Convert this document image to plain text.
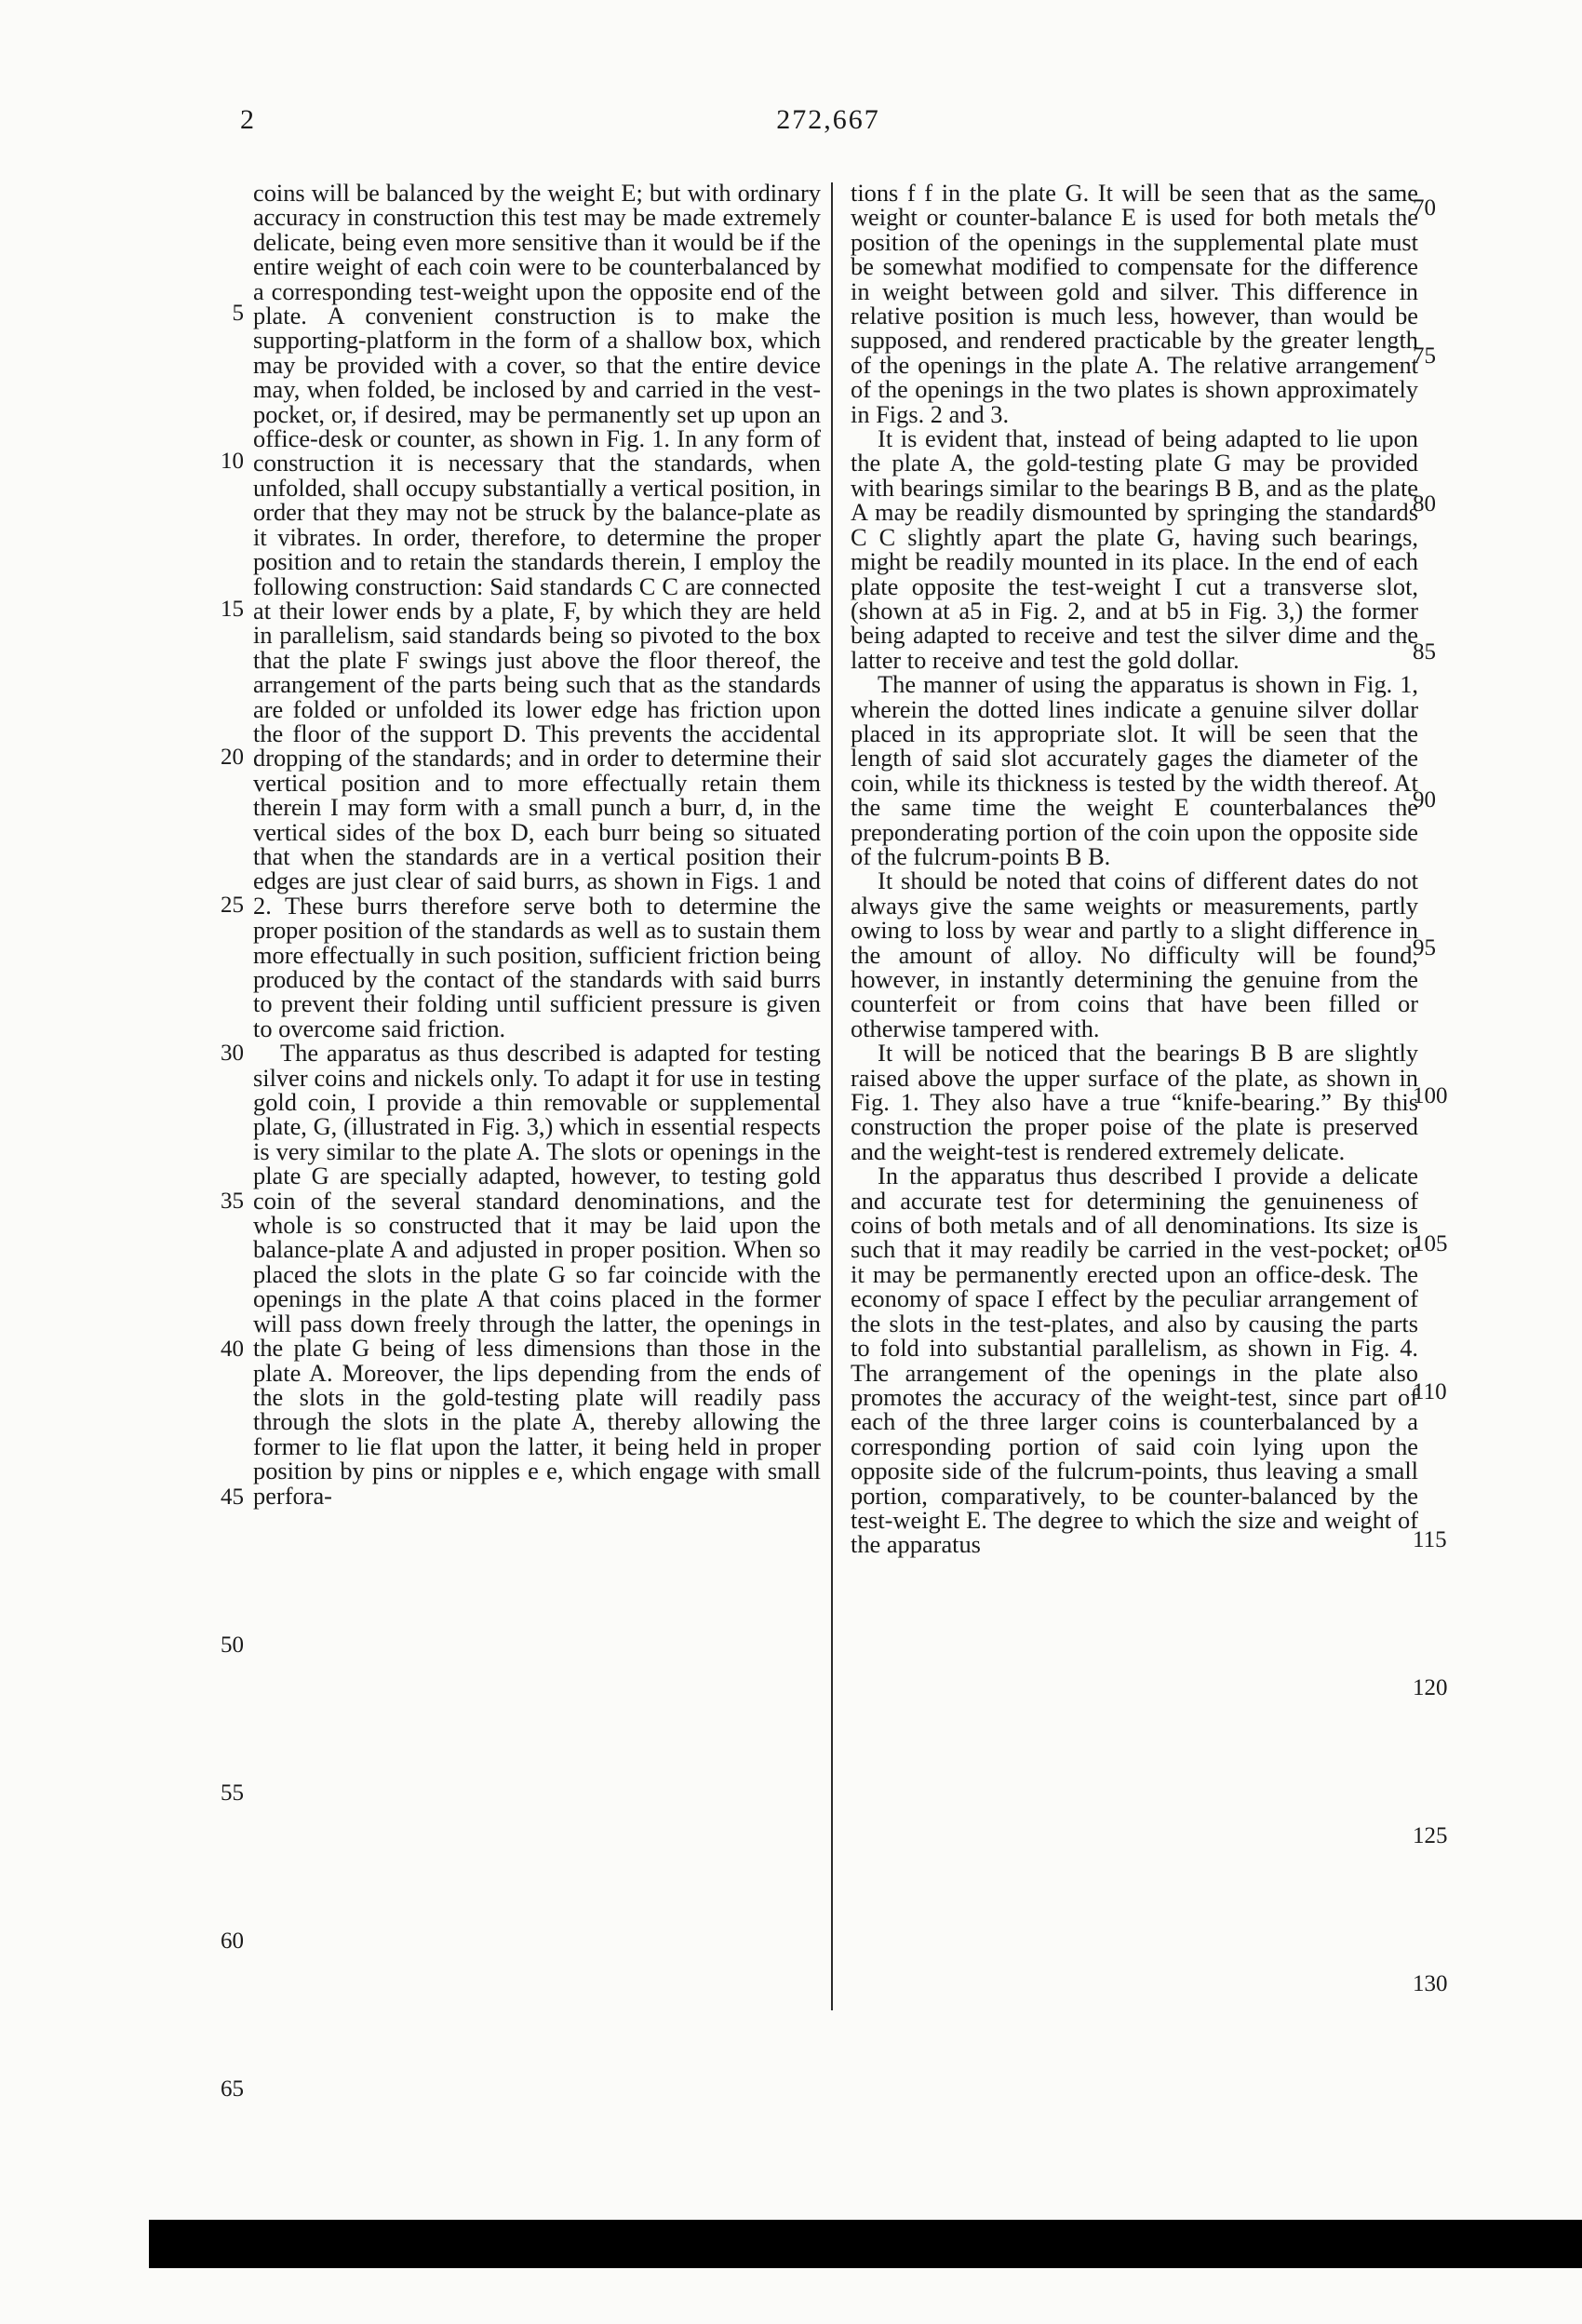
2	272,667

coins will be balanced by the weight E; but with ordinary accuracy in construction this test may be made extremely delicate, being even more sensitive than it would be if the entire weight of each coin were to be counterbalanced by a corresponding test-weight upon the opposite end of the plate. A convenient construction is to make the supporting-platform in the form of a shallow box, which may be provided with a cover, so that the entire device may, when folded, be inclosed by and carried in the vest-pocket, or, if desired, may be permanently set up upon an office-desk or counter, as shown in Fig. 1. In any form of construction it is necessary that the standards, when unfolded, shall occupy substantially a vertical position, in order that they may not be struck by the balance-plate as it vibrates. In order, therefore, to determine the proper position and to retain the standards therein, I employ the following construction: Said standards C C are connected at their lower ends by a plate, F, by which they are held in parallelism, said standards being so pivoted to the box that the plate F swings just above the floor thereof, the arrangement of the parts being such that as the standards are folded or unfolded its lower edge has friction upon the floor of the support D. This prevents the accidental dropping of the standards; and in order to determine their vertical position and to more effectually retain them therein I may form with a small punch a burr, d, in the vertical sides of the box D, each burr being so situated that when the standards are in a vertical position their edges are just clear of said burrs, as shown in Figs. 1 and 2. These burrs therefore serve both to determine the proper position of the standards as well as to sustain them more effectually in such position, sufficient friction being produced by the contact of the standards with said burrs to prevent their folding until sufficient pressure is given to overcome said friction.

The apparatus as thus described is adapted for testing silver coins and nickels only. To adapt it for use in testing gold coin, I provide a thin removable or supplemental plate, G, (illustrated in Fig. 3,) which in essential respects is very similar to the plate A. The slots or openings in the plate G are specially adapted, however, to testing gold coin of the several standard denominations, and the whole is so constructed that it may be laid upon the balance-plate A and adjusted in proper position. When so placed the slots in the plate G so far coincide with the openings in the plate A that coins placed in the former will pass down freely through the latter, the openings in the plate G being of less dimensions than those in the plate A. Moreover, the lips depending from the ends of the slots in the gold-testing plate will readily pass through the slots in the plate A, thereby allowing the former to lie flat upon the latter, it being held in proper position by pins or nipples e e, which engage with small perfora-

tions f f in the plate G. It will be seen that as the same weight or counter-balance E is used for both metals the position of the openings in the supplemental plate must be somewhat modified to compensate for the difference in weight between gold and silver. This difference in relative position is much less, however, than would be supposed, and rendered practicable by the greater length of the openings in the plate A. The relative arrangement of the openings in the two plates is shown approximately in Figs. 2 and 3.

It is evident that, instead of being adapted to lie upon the plate A, the gold-testing plate G may be provided with bearings similar to the bearings B B, and as the plate A may be readily dismounted by springing the standards C C slightly apart the plate G, having such bearings, might be readily mounted in its place. In the end of each plate opposite the test-weight I cut a transverse slot, (shown at a5 in Fig. 2, and at b5 in Fig. 3,) the former being adapted to receive and test the silver dime and the latter to receive and test the gold dollar.

The manner of using the apparatus is shown in Fig. 1, wherein the dotted lines indicate a genuine silver dollar placed in its appropriate slot. It will be seen that the length of said slot accurately gages the diameter of the coin, while its thickness is tested by the width thereof. At the same time the weight E counterbalances the preponderating portion of the coin upon the opposite side of the fulcrum-points B B.

It should be noted that coins of different dates do not always give the same weights or measurements, partly owing to loss by wear and partly to a slight difference in the amount of alloy. No difficulty will be found, however, in instantly determining the genuine from the counterfeit or from coins that have been filled or otherwise tampered with.

It will be noticed that the bearings B B are slightly raised above the upper surface of the plate, as shown in Fig. 1. They also have a true “knife-bearing.” By this construction the proper poise of the plate is preserved and the weight-test is rendered extremely delicate.

In the apparatus thus described I provide a delicate and accurate test for determining the genuineness of coins of both metals and of all denominations. Its size is such that it may readily be carried in the vest-pocket; or it may be permanently erected upon an office-desk. The economy of space I effect by the peculiar arrangement of the slots in the test-plates, and also by causing the parts to fold into substantial parallelism, as shown in Fig. 4. The arrangement of the openings in the plate also promotes the accuracy of the weight-test, since part of each of the three larger coins is counterbalanced by a corresponding portion of said coin lying upon the opposite side of the fulcrum-points, thus leaving a small portion, comparatively, to be counter-balanced by the test-weight E. The degree to which the size and weight of the apparatus

5
10
15
20
25
30
35
40
45
50
55
60
65
70
75
80
85
90
95
100
105
110
115
120
125
130
